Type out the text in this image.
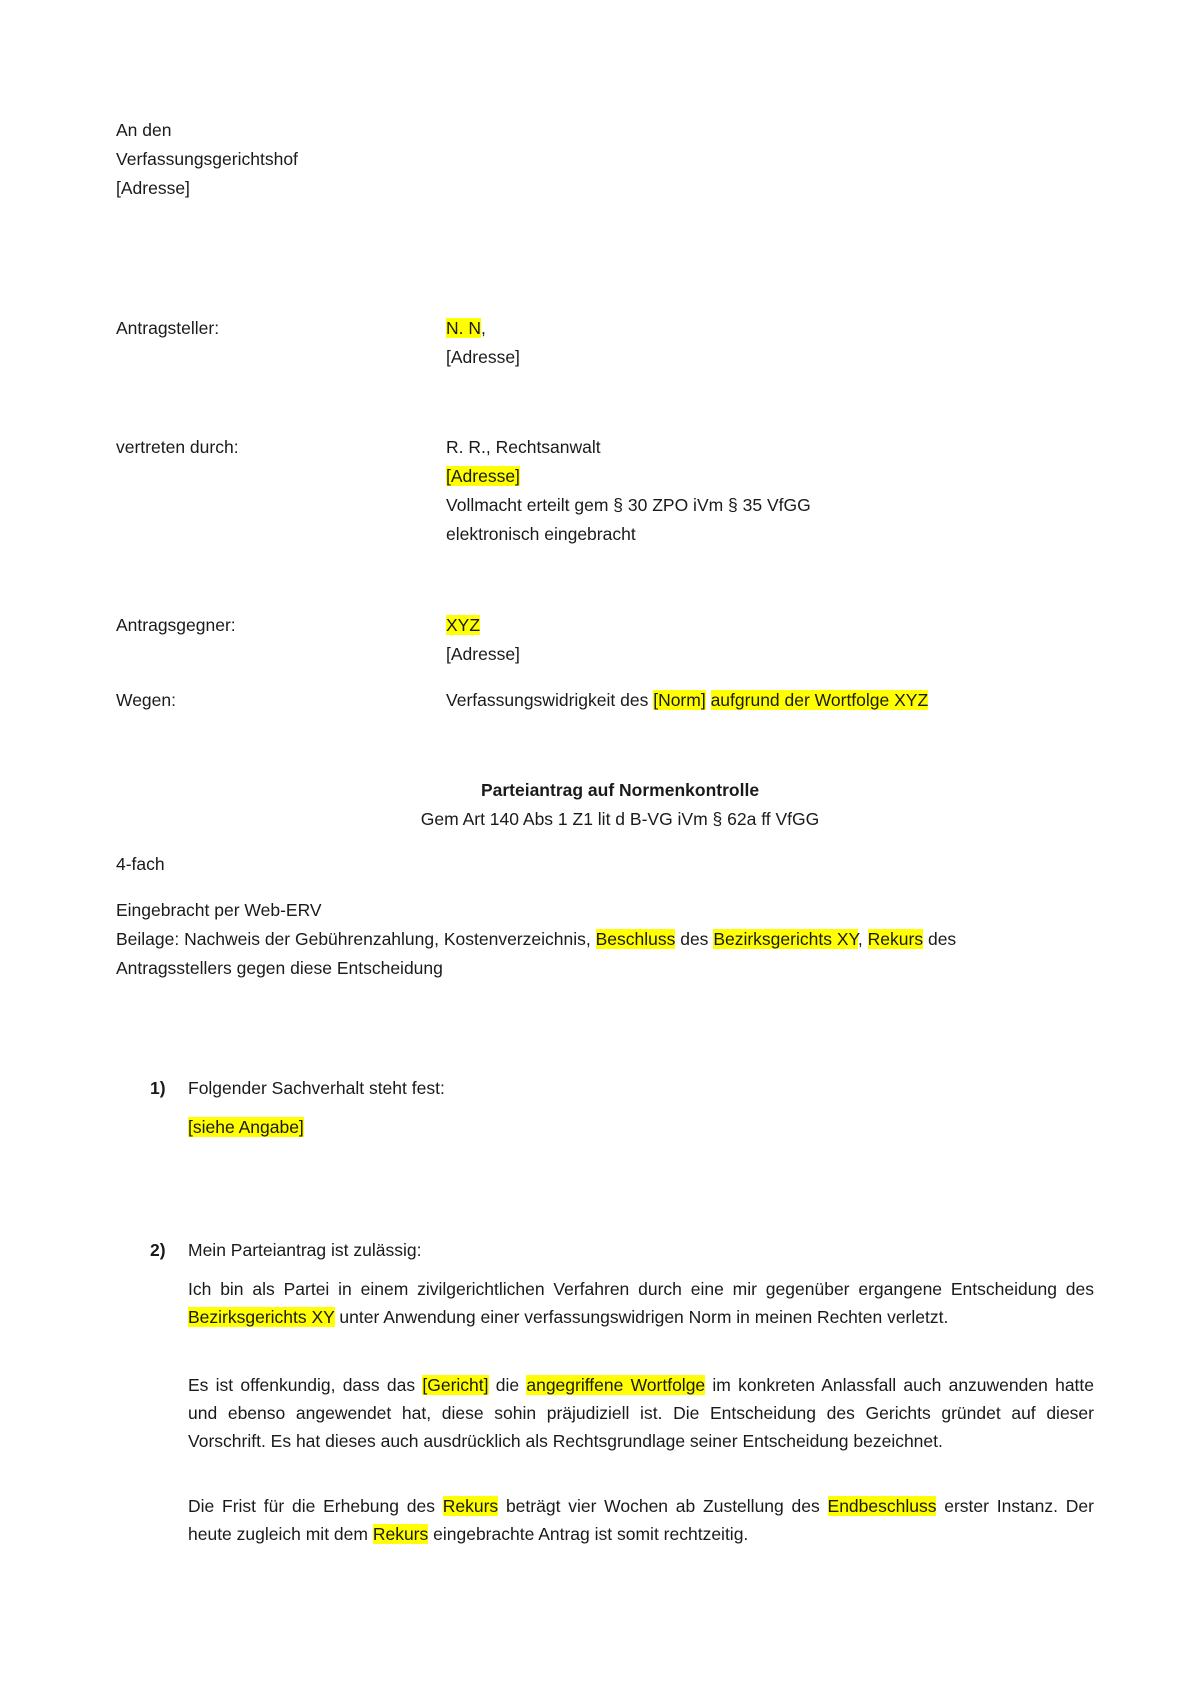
An den
Verfassungsgerichtshof
[Adresse]
Antragsteller:	N. N,
[Adresse]
vertreten durch:	R. R., Rechtsanwalt
[Adresse]
Vollmacht erteilt gem § 30 ZPO iVm § 35 VfGG
elektronisch eingebracht
Antragsgegner:	XYZ
[Adresse]
Wegen:	Verfassungswidrigkeit des [Norm] aufgrund der Wortfolge XYZ
Parteiantrag auf Normenkontrolle
Gem Art 140 Abs 1 Z1 lit d B-VG iVm § 62a ff VfGG
4-fach
Eingebracht per Web-ERV
Beilage: Nachweis der Gebührenzahlung, Kostenverzeichnis, Beschluss des Bezirksgerichts XY, Rekurs des
Antragsstellers gegen diese Entscheidung
1) Folgender Sachverhalt steht fest:
[siehe Angabe]
2) Mein Parteiantrag ist zulässig:
Ich bin als Partei in einem zivilgerichtlichen Verfahren durch eine mir gegenüber ergangene Entscheidung des Bezirksgerichts XY unter Anwendung einer verfassungswidrigen Norm in meinen Rechten verletzt.
Es ist offenkundig, dass das [Gericht] die angegriffene Wortfolge im konkreten Anlassfall auch anzuwenden hatte und ebenso angewendet hat, diese sohin präjudiziell ist. Die Entscheidung des Gerichts gründet auf dieser Vorschrift. Es hat dieses auch ausdrücklich als Rechtsgrundlage seiner Entscheidung bezeichnet.
Die Frist für die Erhebung des Rekurs beträgt vier Wochen ab Zustellung des Endbeschluss erster Instanz. Der heute zugleich mit dem Rekurs eingebrachte Antrag ist somit rechtzeitig.
